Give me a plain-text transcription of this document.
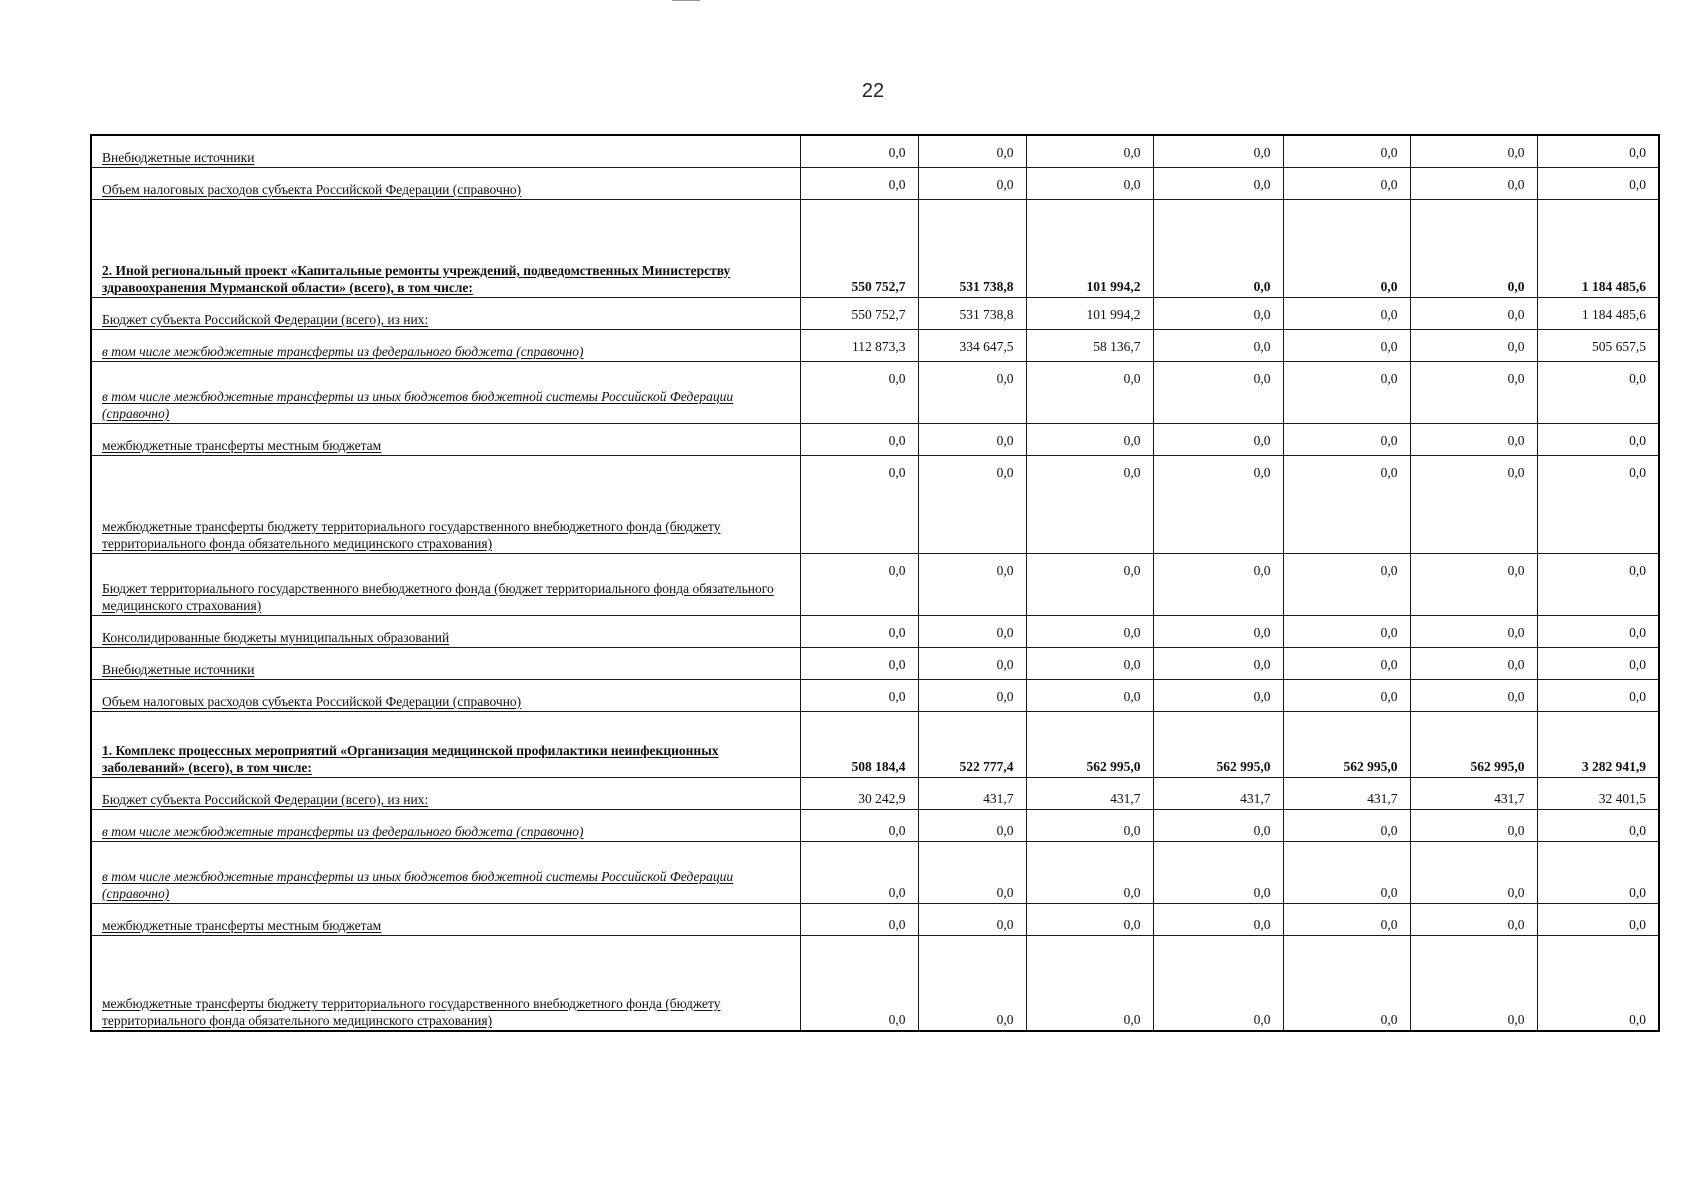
22
Внебюджетные источники	0,0	0,0	0,0	0,0	0,0	0,0	0,0
Объем налоговых расходов субъекта Российской Федерации (справочно)	0,0	0,0	0,0	0,0	0,0	0,0	0,0
2. Иной региональный проект «Капитальные ремонты учреждений, подведомственных Министерству здравоохранения Мурманской области» (всего), в том числе:	550 752,7	531 738,8	101 994,2	0,0	0,0	0,0	1 184 485,6
Бюджет субъекта Российской Федерации (всего), из них:	550 752,7	531 738,8	101 994,2	0,0	0,0	0,0	1 184 485,6
в том числе межбюджетные трансферты из федерального бюджета (справочно)	112 873,3	334 647,5	58 136,7	0,0	0,0	0,0	505 657,5
в том числе межбюджетные трансферты из иных бюджетов бюджетной системы Российской Федерации (справочно)	0,0	0,0	0,0	0,0	0,0	0,0	0,0
межбюджетные трансферты местным бюджетам	0,0	0,0	0,0	0,0	0,0	0,0	0,0
межбюджетные трансферты бюджету территориального государственного внебюджетного фонда (бюджету территориального фонда обязательного медицинского страхования)	0,0	0,0	0,0	0,0	0,0	0,0	0,0
Бюджет территориального государственного внебюджетного фонда (бюджет территориального фонда обязательного медицинского страхования)	0,0	0,0	0,0	0,0	0,0	0,0	0,0
Консолидированные бюджеты муниципальных образований	0,0	0,0	0,0	0,0	0,0	0,0	0,0
Внебюджетные источники	0,0	0,0	0,0	0,0	0,0	0,0	0,0
Объем налоговых расходов субъекта Российской Федерации (справочно)	0,0	0,0	0,0	0,0	0,0	0,0	0,0
1. Комплекс процессных мероприятий «Организация медицинской профилактики неинфекционных заболеваний» (всего), в том числе:	508 184,4	522 777,4	562 995,0	562 995,0	562 995,0	562 995,0	3 282 941,9
Бюджет субъекта Российской Федерации (всего), из них:	30 242,9	431,7	431,7	431,7	431,7	431,7	32 401,5
в том числе межбюджетные трансферты из федерального бюджета (справочно)	0,0	0,0	0,0	0,0	0,0	0,0	0,0
в том числе межбюджетные трансферты из иных бюджетов бюджетной системы Российской Федерации (справочно)	0,0	0,0	0,0	0,0	0,0	0,0	0,0
межбюджетные трансферты местным бюджетам	0,0	0,0	0,0	0,0	0,0	0,0	0,0
межбюджетные трансферты бюджету территориального государственного внебюджетного фонда (бюджету территориального фонда обязательного медицинского страхования)	0,0	0,0	0,0	0,0	0,0	0,0	0,0
